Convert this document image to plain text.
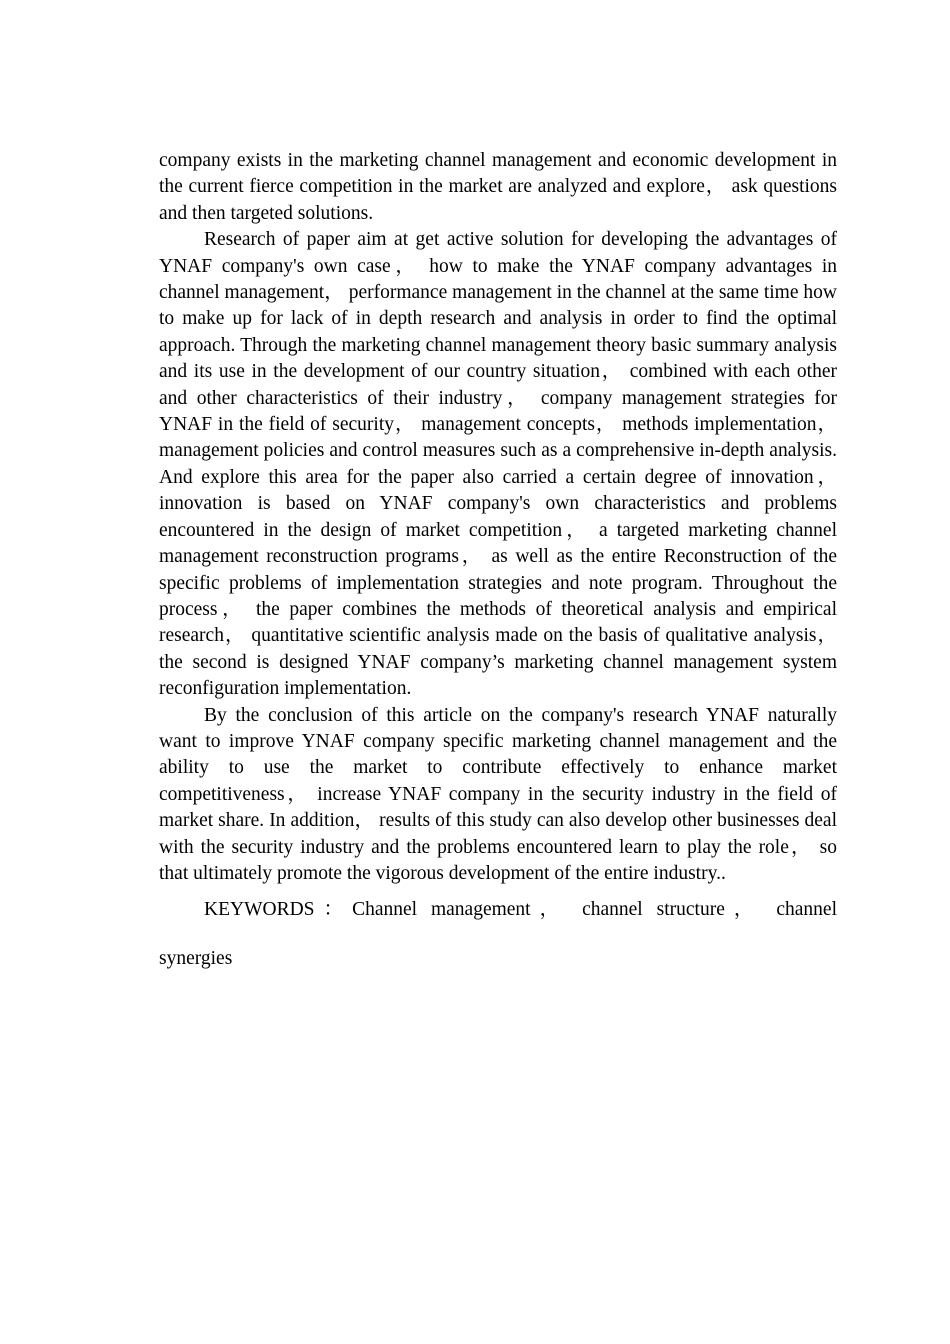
company exists in the marketing channel management and economic development in the current fierce competition in the market are analyzed and explore， ask questions and then targeted solutions.

Research of paper aim at get active solution for developing the advantages of YNAF company's own case， how to make the YNAF company advantages in channel management， performance management in the channel at the same time how to make up for lack of in depth research and analysis in order to find the optimal approach. Through the marketing channel management theory basic summary analysis and its use in the development of our country situation， combined with each other and other characteristics of their industry， company management strategies for YNAF in the field of security， management concepts， methods implementation， management policies and control measures such as a comprehensive in-depth analysis. And explore this area for the paper also carried a certain degree of innovation， innovation is based on YNAF company's own characteristics and problems encountered in the design of market competition， a targeted marketing channel management reconstruction programs， as well as the entire Reconstruction of the specific problems of implementation strategies and note program. Throughout the process， the paper combines the methods of theoretical analysis and empirical research， quantitative scientific analysis made on the basis of qualitative analysis， the second is designed YNAF company’s marketing channel management system reconfiguration implementation.

By the conclusion of this article on the company's research YNAF naturally want to improve YNAF company specific marketing channel management and the ability to use the market to contribute effectively to enhance market competitiveness， increase YNAF company in the security industry in the field of market share. In addition， results of this study can also develop other businesses deal with the security industry and the problems encountered learn to play the role， so that ultimately promote the vigorous development of the entire industry..

KEYWORDS：Channel management， channel structure， channel

synergies
